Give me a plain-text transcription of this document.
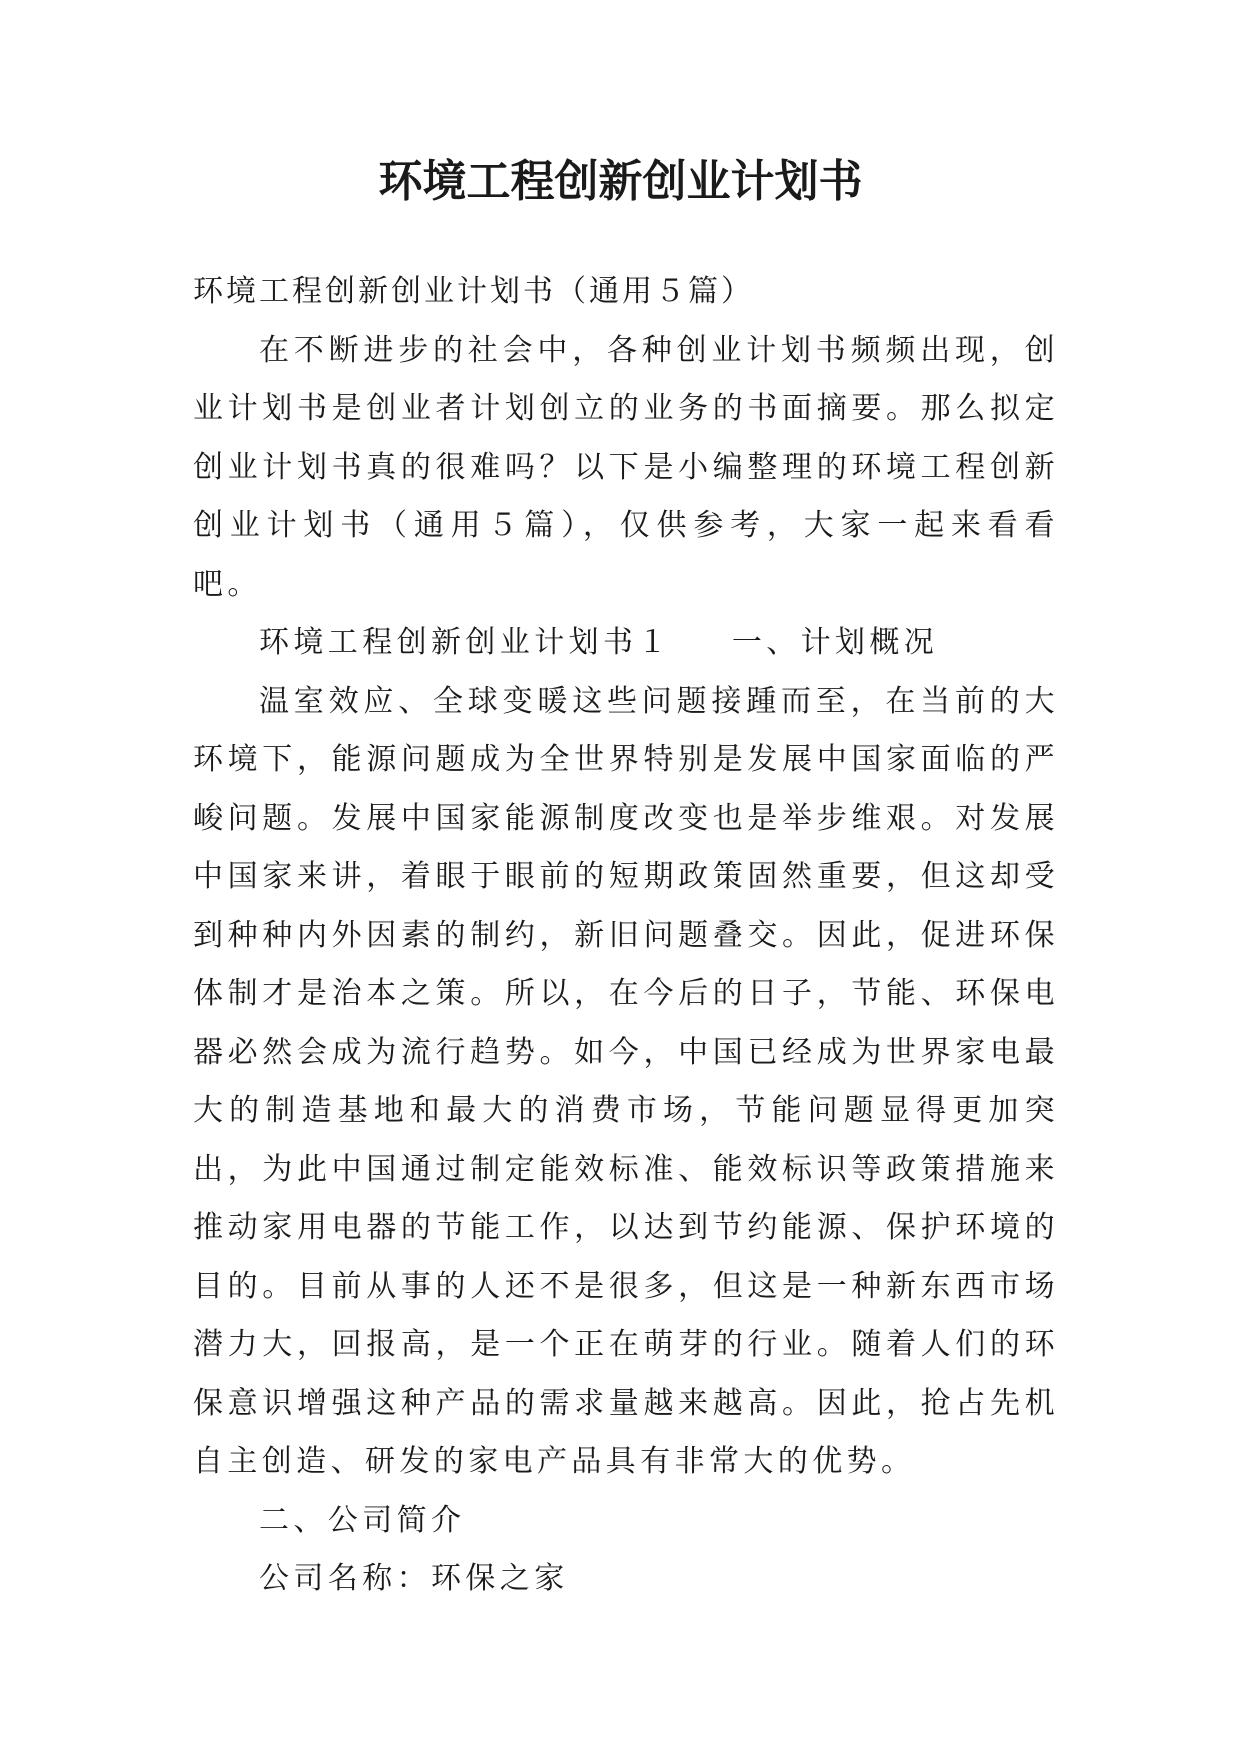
环境工程创新创业计划书

环境工程创新创业计划书（通用５篇）

在不断进步的社会中，各种创业计划书频频出现，创业计划书是创业者计划创立的业务的书面摘要。那么拟定创业计划书真的很难吗？以下是小编整理的环境工程创新创业计划书（通用５篇），仅供参考，大家一起来看看吧。

环境工程创新创业计划书１ 一、计划概况

温室效应、全球变暖这些问题接踵而至，在当前的大环境下，能源问题成为全世界特别是发展中国家面临的严峻问题。发展中国家能源制度改变也是举步维艰。对发展中国家来讲，着眼于眼前的短期政策固然重要，但这却受到种种内外因素的制约，新旧问题叠交。因此，促进环保体制才是治本之策。所以，在今后的日子，节能、环保电器必然会成为流行趋势。如今，中国已经成为世界家电最大的制造基地和最大的消费市场，节能问题显得更加突出，为此中国通过制定能效标准、能效标识等政策措施来推动家用电器的节能工作，以达到节约能源、保护环境的目的。目前从事的人还不是很多，但这是一种新东西市场潜力大，回报高，是一个正在萌芽的行业。随着人们的环保意识增强这种产品的需求量越来越高。因此，抢占先机自主创造、研发的家电产品具有非常大的优势。

二、公司简介

公司名称：环保之家
